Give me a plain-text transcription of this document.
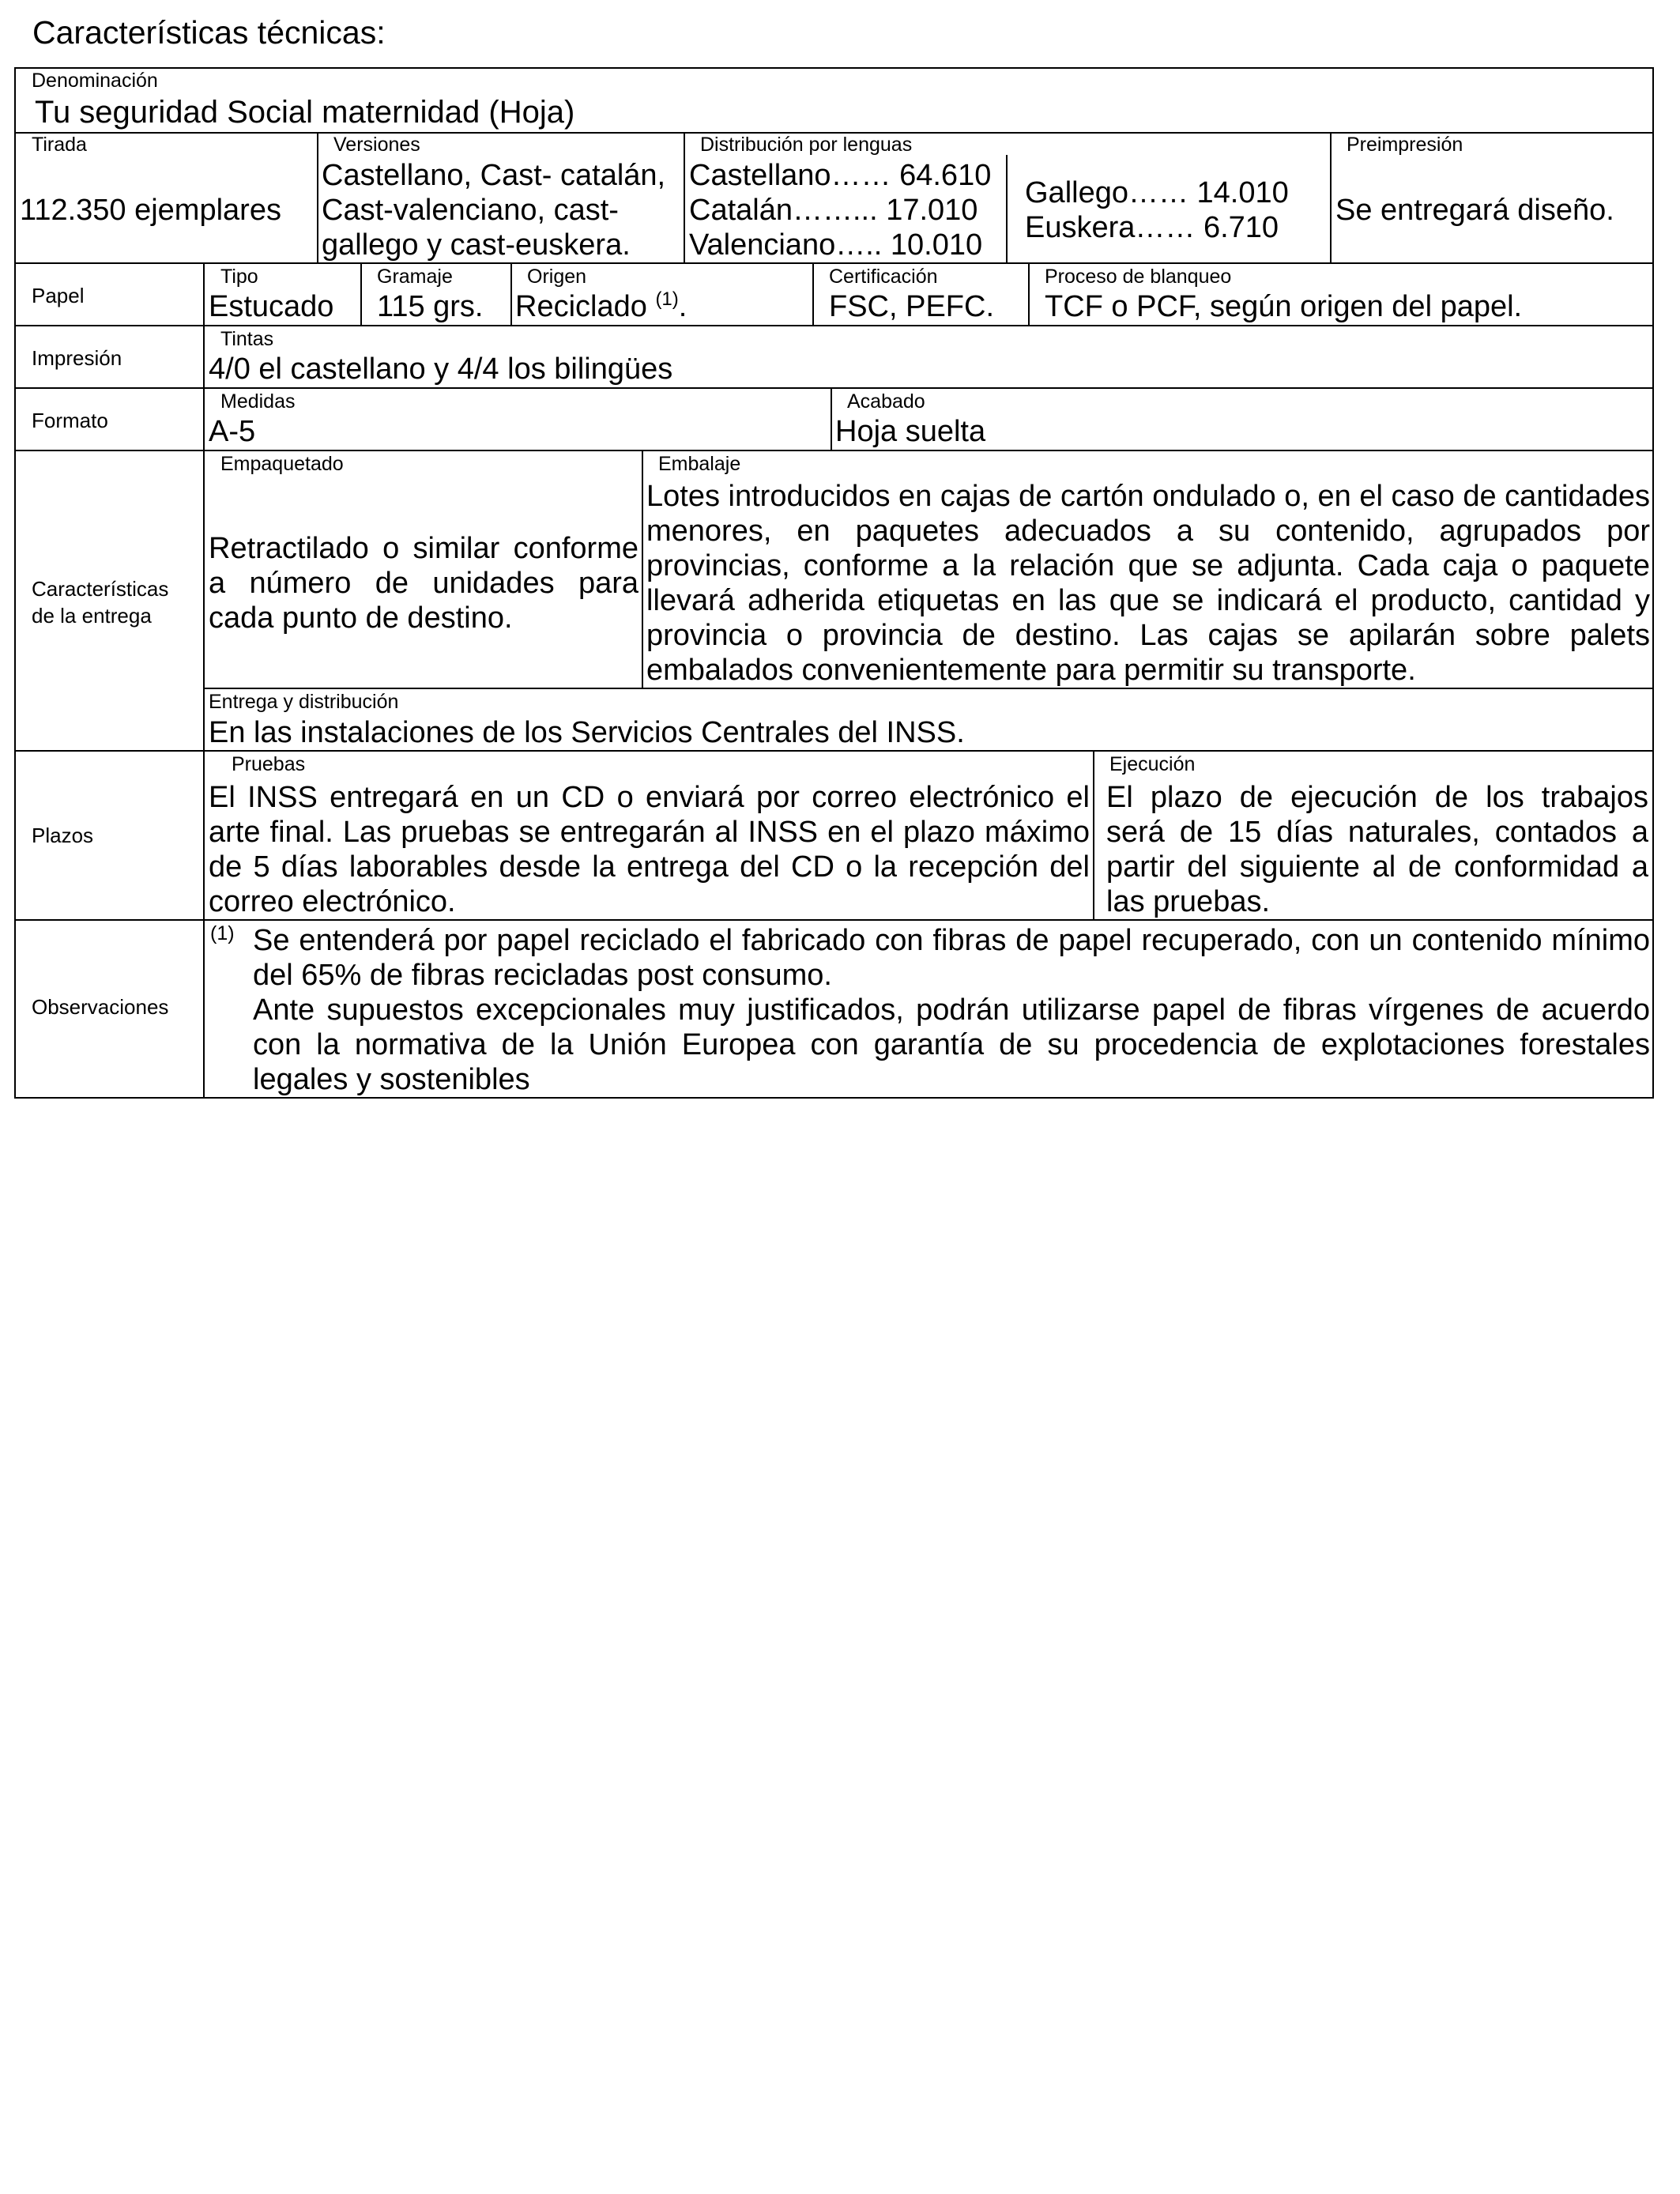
Características técnicas:
Denominación
Tu seguridad Social maternidad (Hoja)
Tirada
112.350 ejemplares
Versiones
Castellano, Cast- catalán, Cast-valenciano, cast-gallego y cast-euskera.
Distribución por lenguas
Castellano…… 64.610
Catalán……... 17.010
Valenciano….. 10.010
Gallego…… 14.010
Euskera…… 6.710
Preimpresión
Se entregará diseño.
Papel
Tipo
Estucado
Gramaje
115 grs.
Origen
Reciclado $^{(1)}$.
Certificación
FSC, PEFC.
Proceso de blanqueo
TCF o PCF, según origen del papel.
Impresión
Tintas
4/0 el castellano y 4/4 los bilingües
Formato
Medidas
A-5
Acabado
Hoja suelta
Características
de la entrega
Empaquetado
Retractilado o similar conforme a número de unidades para cada punto de destino.
Embalaje
Lotes introducidos en cajas de cartón ondulado o, en el caso de cantidades menores, en paquetes adecuados a su contenido, agrupados por provincias, conforme a la relación que se adjunta. Cada caja o paquete llevará adherida etiquetas en las que se indicará el producto, cantidad y provincia o provincia de destino. Las cajas se apilarán sobre palets embalados convenientemente para permitir su transporte.
Entrega y distribución
En las instalaciones de los Servicios Centrales del INSS.
Plazos
Pruebas
El INSS entregará en un CD o enviará por correo electrónico el arte final. Las pruebas se entregarán al INSS en el plazo máximo de 5 días laborables desde la entrega del CD o la recepción del correo electrónico.
Ejecución
El plazo de ejecución de los trabajos será de 15 días naturales, contados a partir del siguiente al de conformidad a las pruebas.
Observaciones
(1) Se entenderá por papel reciclado el fabricado con fibras de papel recuperado, con un contenido mínimo del 65% de fibras recicladas post consumo.
Ante supuestos excepcionales muy justificados, podrán utilizarse papel de fibras vírgenes de acuerdo con la normativa de la Unión Europea con garantía de su procedencia de explotaciones forestales legales y sostenibles
